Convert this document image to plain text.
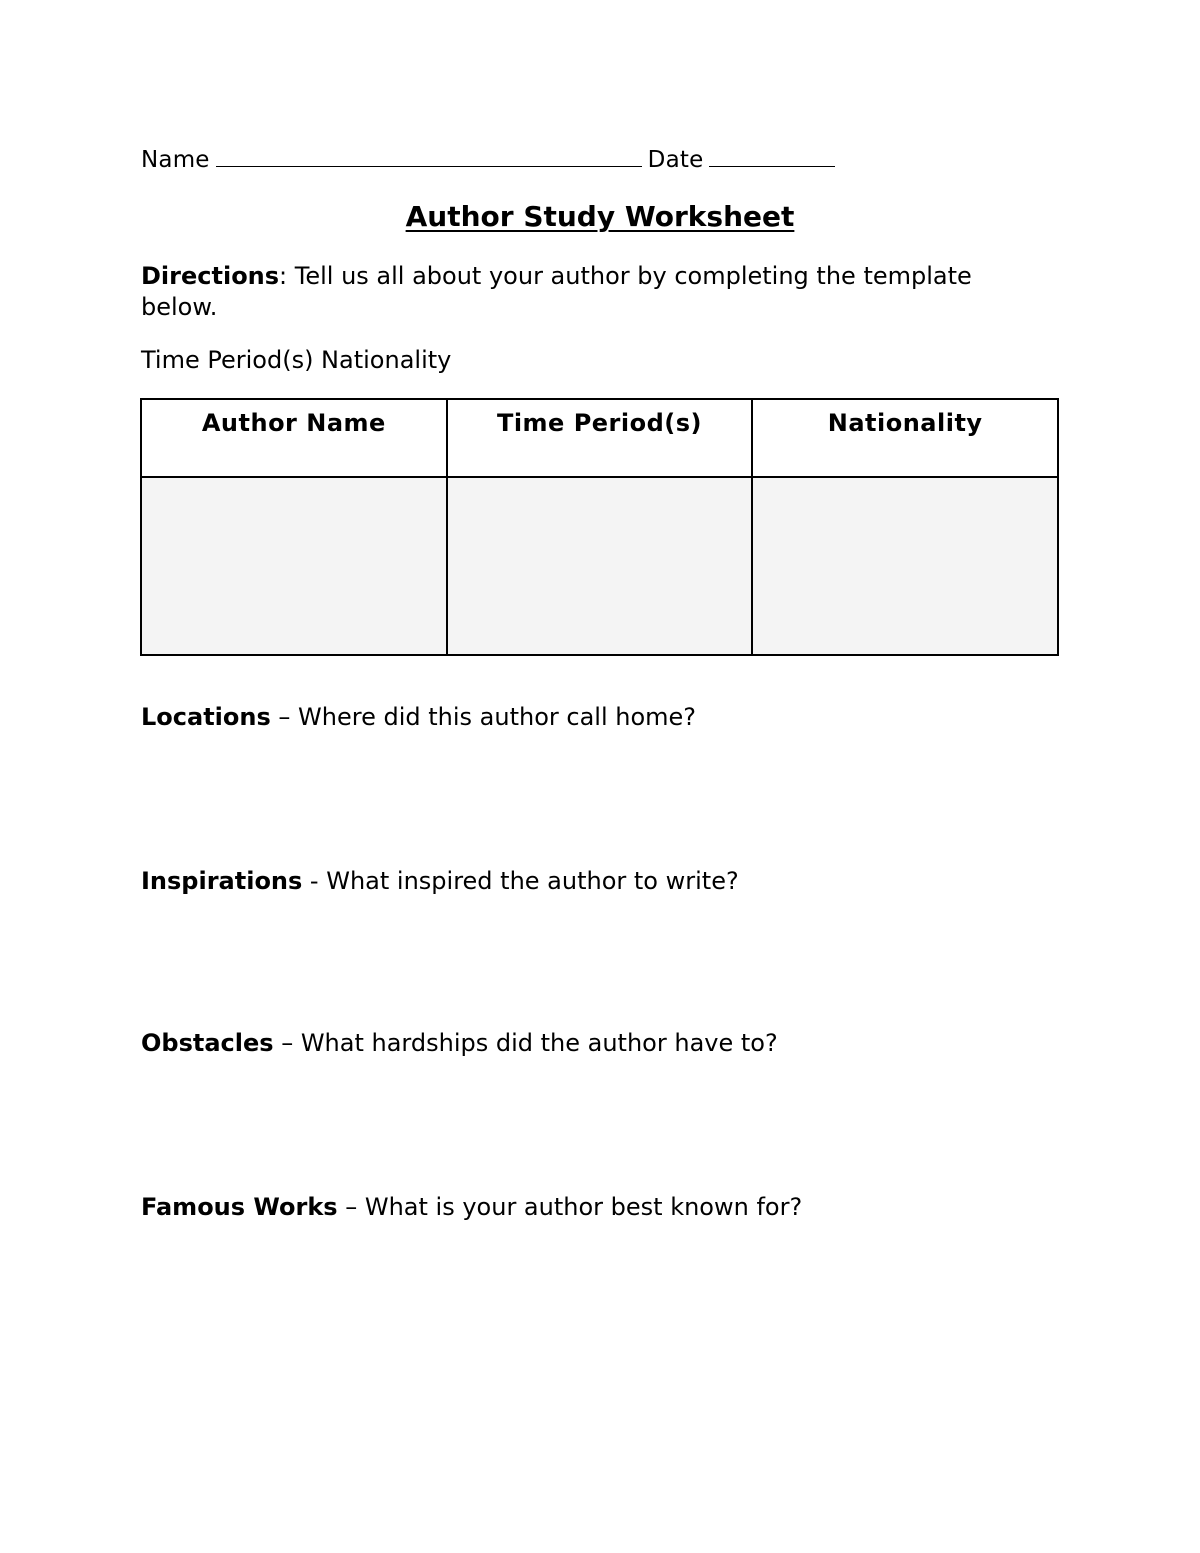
Name	Date
Author Study Worksheet
Directions: Tell us all about your author by completing the template below.
Time Period(s) Nationality
Author Name	Time Period(s)	Nationality

Locations – Where did this author call home?
Inspirations - What inspired the author to write?
Obstacles – What hardships did the author have to?
Famous Works – What is your author best known for?
